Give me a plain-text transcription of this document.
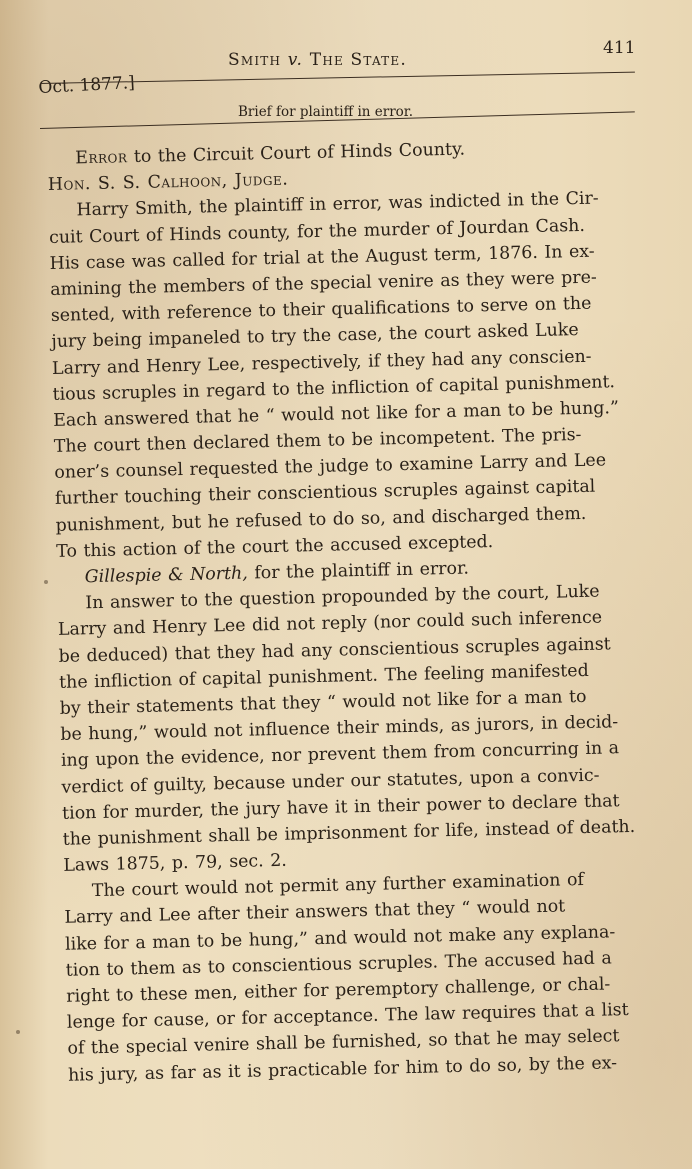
Oct. 1877.]
Smith v. The State.
411
Brief for plaintiff in error.
Error to the Circuit Court of Hinds County.
Hon. S. S. Calhoon, Judge.
Harry Smith, the plaintiff in error, was indicted in the Cir-
cuit Court of Hinds county, for the murder of Jourdan Cash.
His case was called for trial at the August term, 1876. In ex-
amining the members of the special venire as they were pre-
sented, with reference to their qualifications to serve on the
jury being impaneled to try the case, the court asked Luke
Larry and Henry Lee, respectively, if they had any conscien-
tious scruples in regard to the infliction of capital punishment.
Each answered that he “ would not like for a man to be hung.”
The court then declared them to be incompetent. The pris-
oner’s counsel requested the judge to examine Larry and Lee
further touching their conscientious scruples against capital
punishment, but he refused to do so, and discharged them.
To this action of the court the accused excepted.
Gillespie & North, for the plaintiff in error.
In answer to the question propounded by the court, Luke
Larry and Henry Lee did not reply (nor could such inference
be deduced) that they had any conscientious scruples against
the infliction of capital punishment. The feeling manifested
by their statements that they “ would not like for a man to
be hung,” would not influence their minds, as jurors, in decid-
ing upon the evidence, nor prevent them from concurring in a
verdict of guilty, because under our statutes, upon a convic-
tion for murder, the jury have it in their power to declare that
the punishment shall be imprisonment for life, instead of death.
Laws 1875, p. 79, sec. 2.
The court would not permit any further examination of
Larry and Lee after their answers that they “ would not
like for a man to be hung,” and would not make any explana-
tion to them as to conscientious scruples. The accused had a
right to these men, either for peremptory challenge, or chal-
lenge for cause, or for acceptance. The law requires that a list
of the special venire shall be furnished, so that he may select
his jury, as far as it is practicable for him to do so, by the ex-
